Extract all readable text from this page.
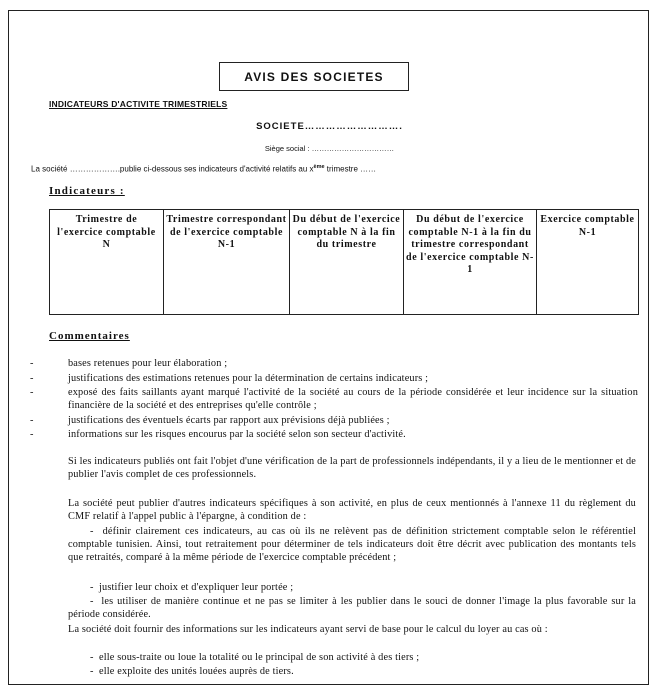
AVIS DES SOCIETES
INDICATEURS D'ACTIVITE TRIMESTRIELS
SOCIETE……………………….
Siège social : ……………………………
La société ……………….publie ci-dessous ses indicateurs d'activité relatifs au $x^{ème}$ trimestre ……
Indicateurs :
Trimestre de l'exercice comptable N	Trimestre correspondant de l'exercice comptable N-1	Du début de l'exercice comptable N à la fin du trimestre	Du début de l'exercice comptable N-1 à la fin du trimestre correspondant de l'exercice comptable N-1	Exercice comptable N-1
Commentaires
-	bases retenues pour leur élaboration ;
-	justifications des estimations retenues pour la détermination de certains indicateurs ;
-	exposé des faits saillants ayant marqué l'activité de la société au cours de la période considérée et leur incidence sur la situation financière de la société et des entreprises qu'elle contrôle ;
-	justifications des éventuels écarts par rapport aux prévisions déjà publiées ;
-	informations sur les risques encourus par la société selon son secteur d'activité.
Si les indicateurs publiés ont fait l'objet d'une vérification de la part de professionnels indépendants, il y a lieu de le mentionner et de publier l'avis complet de ces professionnels.
La société peut publier d'autres indicateurs spécifiques à son activité, en plus de ceux mentionnés à l'annexe 11 du règlement du CMF relatif à l'appel public à l'épargne, à condition de :
- définir clairement ces indicateurs, au cas où ils ne relèvent pas de définition strictement comptable selon le référentiel comptable tunisien. Ainsi, tout retraitement pour déterminer de tels indicateurs doit être décrit avec publication des montants tels que retraités, comparé à la même période de l'exercice comptable précédent ;
- justifier leur choix et d'expliquer leur portée ;
- les utiliser de manière continue et ne pas se limiter à les publier dans le souci de donner l'image la plus favorable sur la période considérée.
La société doit fournir des informations sur les indicateurs ayant servi de base pour le calcul du loyer au cas où :
- elle sous-traite ou loue la totalité ou le principal de son activité à des tiers ;
- elle exploite des unités louées auprès de tiers.
